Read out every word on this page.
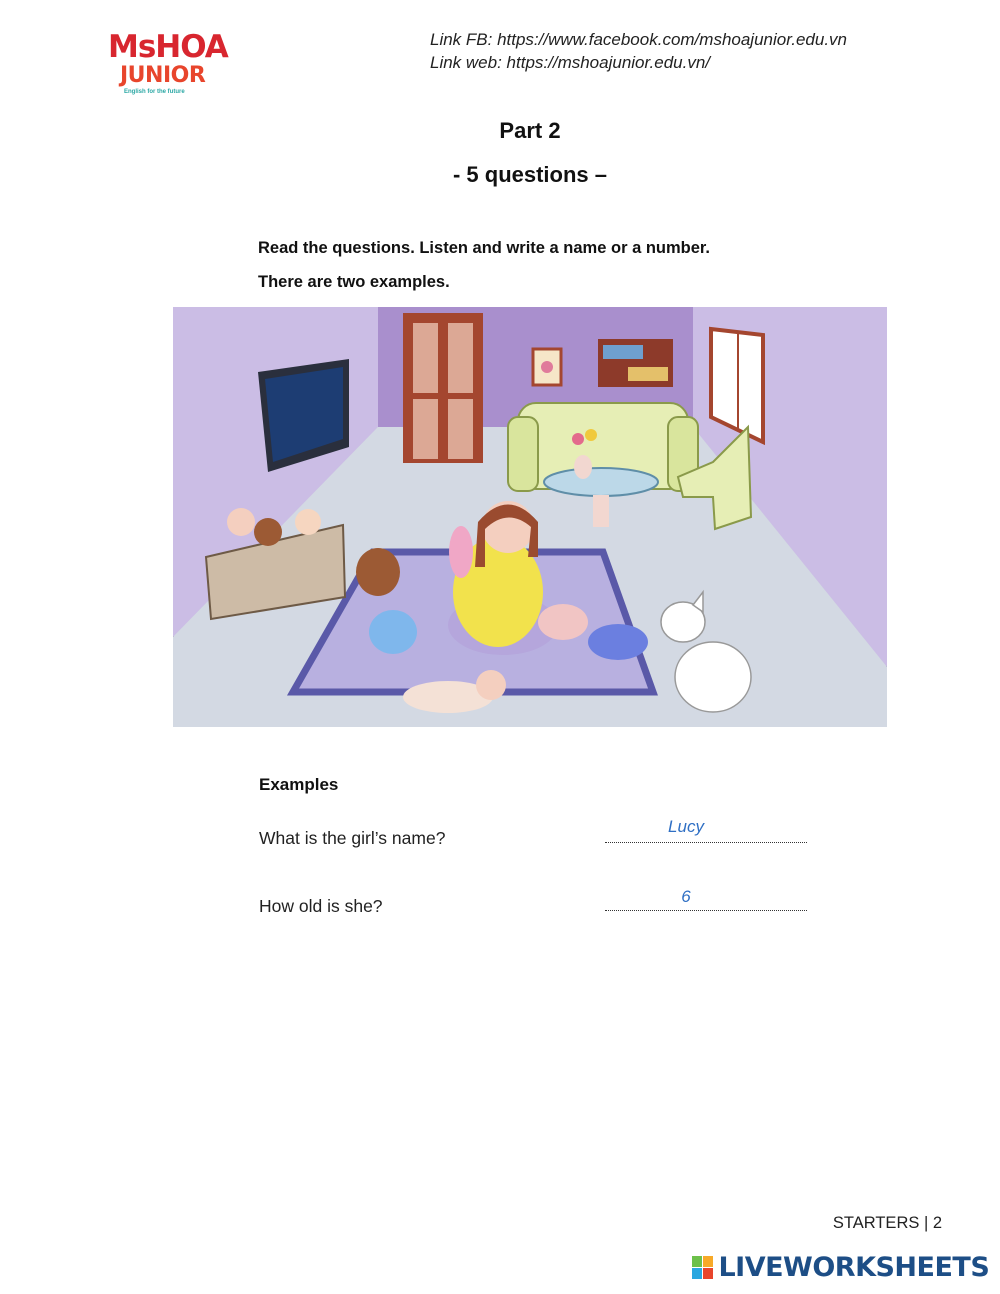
MsHOA
JUNIOR
English for the future
Link FB: https://www.facebook.com/mshoajunior.edu.vn
Link web: https://mshoajunior.edu.vn/
Part 2
- 5 questions –
Read the questions. Listen and write a name or a number.
There are two examples.
Examples
What is the girl’s name?
Lucy
How old is she?	6
STARTERS | 2
LIVEWORKSHEETS
